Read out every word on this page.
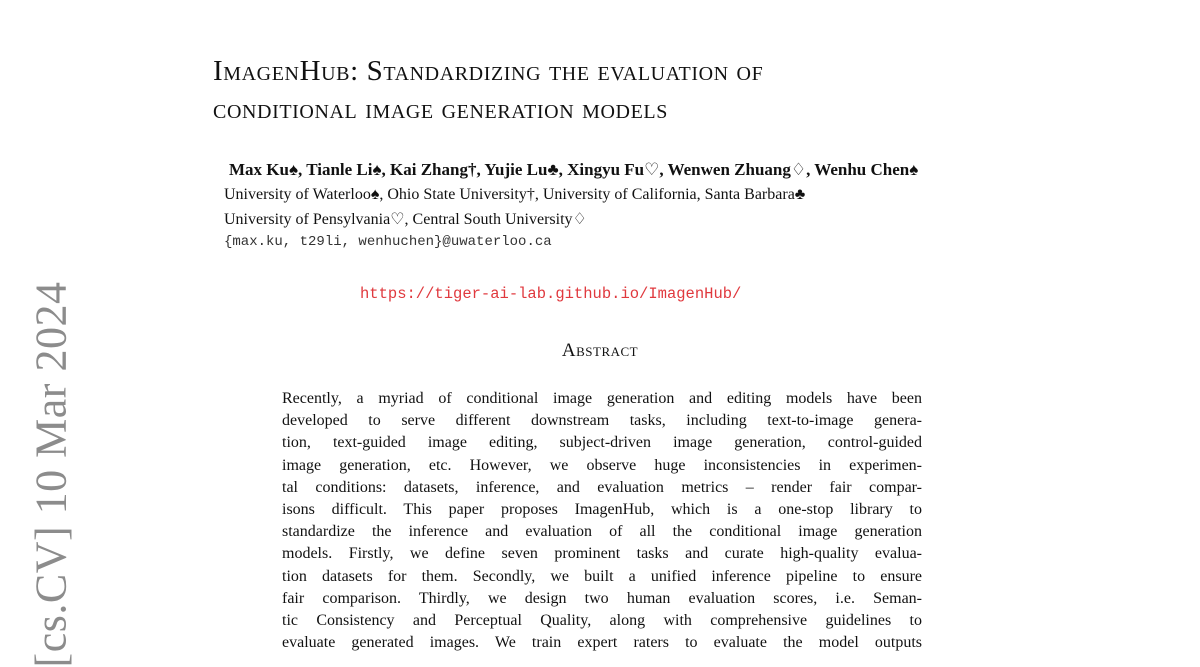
[cs.CV] 10 Mar 2024
ImagenHub: Standardizing the evaluation of
conditional image generation models
Max Ku♠, Tianle Li♠, Kai Zhang†, Yujie Lu♣, Xingyu Fu♡, Wenwen Zhuang♢, Wenhu Chen♠
University of Waterloo♠, Ohio State University†, University of California, Santa Barbara♣
University of Pensylvania♡, Central South University♢
{max.ku, t29li, wenhuchen}@uwaterloo.ca
https://tiger-ai-lab.github.io/ImagenHub/
Abstract
Recently, a myriad of conditional image generation and editing models have been
developed to serve different downstream tasks, including text-to-image genera-
tion, text-guided image editing, subject-driven image generation, control-guided
image generation, etc. However, we observe huge inconsistencies in experimen-
tal conditions: datasets, inference, and evaluation metrics – render fair compar-
isons difficult. This paper proposes ImagenHub, which is a one-stop library to
standardize the inference and evaluation of all the conditional image generation
models. Firstly, we define seven prominent tasks and curate high-quality evalua-
tion datasets for them. Secondly, we built a unified inference pipeline to ensure
fair comparison. Thirdly, we design two human evaluation scores, i.e. Seman-
tic Consistency and Perceptual Quality, along with comprehensive guidelines to
evaluate generated images. We train expert raters to evaluate the model outputs
